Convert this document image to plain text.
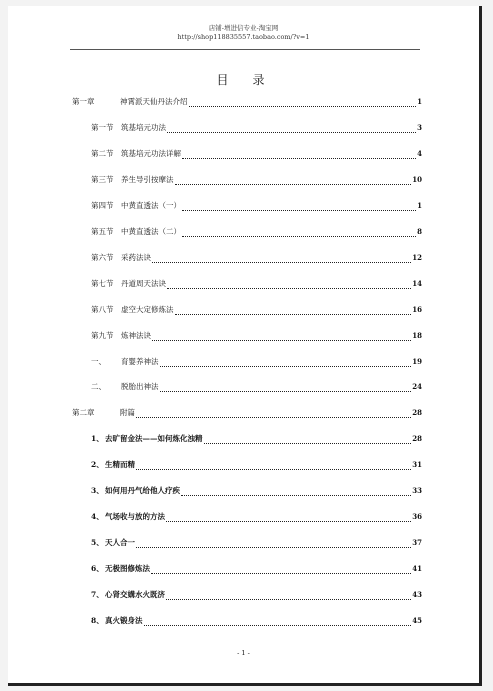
店铺-增进信专业-淘宝网
http://shop118835557.taobao.com/?v=1
目　录
第一章	神霄派天仙丹法介绍	1
第一节	筑基培元功法	3
第二节	筑基培元功法详解	4
第三节	养生导引按摩法	10
第四节	中黄直透法（一）	1
第五节	中黄直透法（二）	8
第六节	采药法诀	12
第七节	丹道周天法诀	14
第八节	虚空大定修炼法	16
第九节	炼神法诀	18
一、	育婴养神法	19
二、	脱胎出神法	24
第二章	附篇	28
1、 去旷留金法——如何炼化浊精	28
2、 生精而精	31
3、 如何用丹气给他人疗疾	33
4、 气场收与放的方法	36
5、 天人合一	37
6、 无极图修炼法	41
7、 心肾交媾水火既济	43
8、 真火锻身法	45
- 1 -
